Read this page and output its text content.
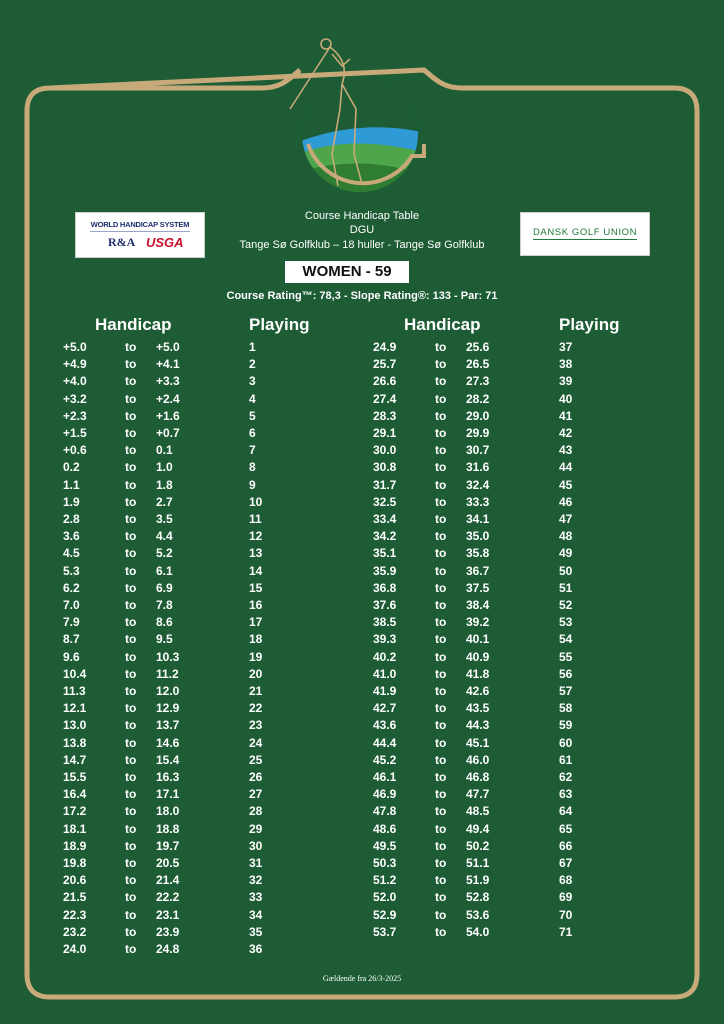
WORLD HANDICAP SYSTEM
R&A USGA
DANSK GOLF UNION
Course Handicap Table
DGU
Tange Sø Golfklub – 18 huller - Tange Sø Golfklub
WOMEN - 59
Course Rating™: 78,3 - Slope Rating®: 133 - Par: 71
Handicap	Playing	Handicap	Playing
+5.0	to +5.0	1
+4.9	to +4.1	2
+4.0	to +3.3	3
+3.2	to +2.4	4
+2.3	to +1.6	5
+1.5	to +0.7	6
+0.6	to 0.1	7
0.2	to 1.0	8
1.1	to 1.8	9
1.9	to 2.7	10
2.8	to 3.5	11
3.6	to 4.4	12
4.5	to 5.2	13
5.3	to 6.1	14
6.2	to 6.9	15
7.0	to 7.8	16
7.9	to 8.6	17
8.7	to 9.5	18
9.6	to 10.3	19
10.4	to 11.2	20
11.3	to 12.0	21
12.1	to 12.9	22
13.0	to 13.7	23
13.8	to 14.6	24
14.7	to 15.4	25
15.5	to 16.3	26
16.4	to 17.1	27
17.2	to 18.0	28
18.1	to 18.8	29
18.9	to 19.7	30
19.8	to 20.5	31
20.6	to 21.4	32
21.5	to 22.2	33
22.3	to 23.1	34
23.2	to 23.9	35
24.0	to 24.8	36
24.9	to 25.6	37
25.7	to 26.5	38
26.6	to 27.3	39
27.4	to 28.2	40
28.3	to 29.0	41
29.1	to 29.9	42
30.0	to 30.7	43
30.8	to 31.6	44
31.7	to 32.4	45
32.5	to 33.3	46
33.4	to 34.1	47
34.2	to 35.0	48
35.1	to 35.8	49
35.9	to 36.7	50
36.8	to 37.5	51
37.6	to 38.4	52
38.5	to 39.2	53
39.3	to 40.1	54
40.2	to 40.9	55
41.0	to 41.8	56
41.9	to 42.6	57
42.7	to 43.5	58
43.6	to 44.3	59
44.4	to 45.1	60
45.2	to 46.0	61
46.1	to 46.8	62
46.9	to 47.7	63
47.8	to 48.5	64
48.6	to 49.4	65
49.5	to 50.2	66
50.3	to 51.1	67
51.2	to 51.9	68
52.0	to 52.8	69
52.9	to 53.6	70
53.7	to 54.0	71
Gældende fra 26/3-2025
